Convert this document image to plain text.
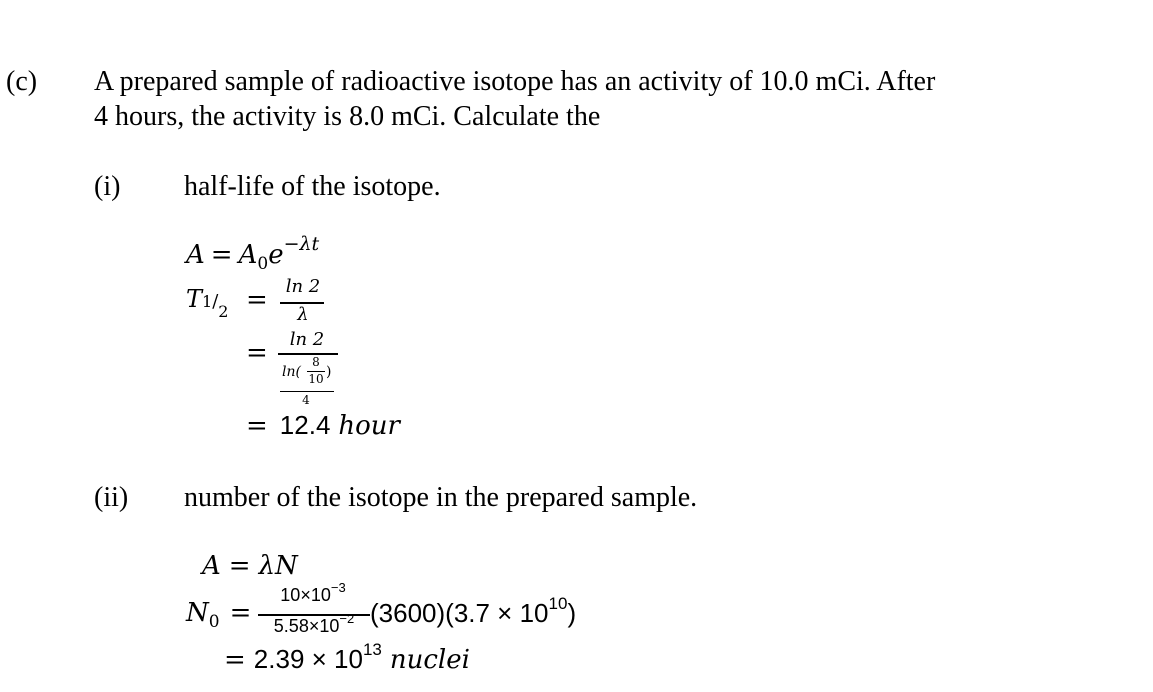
(c) A prepared sample of radioactive isotope has an activity of 10.0 mCi. After
4 hours, the activity is 8.0 mCi. Calculate the
(i) half-life of the isotope.
$A = A_0e^{-\lambda t}$
$T1/_2 = \ln 2$
λ
=	ln 2
ln(
8
10 )
4
= 12.4 hour
(ii) number of the isotope in the prepared sample.
A = λN
$N_0$ =
$10\times 10^{-3}$
$5.58\times 10^{-2}$ $(3600)(3.7 \times 10^{10})$
= $2.39 \times 10^{13}$ nuclei
